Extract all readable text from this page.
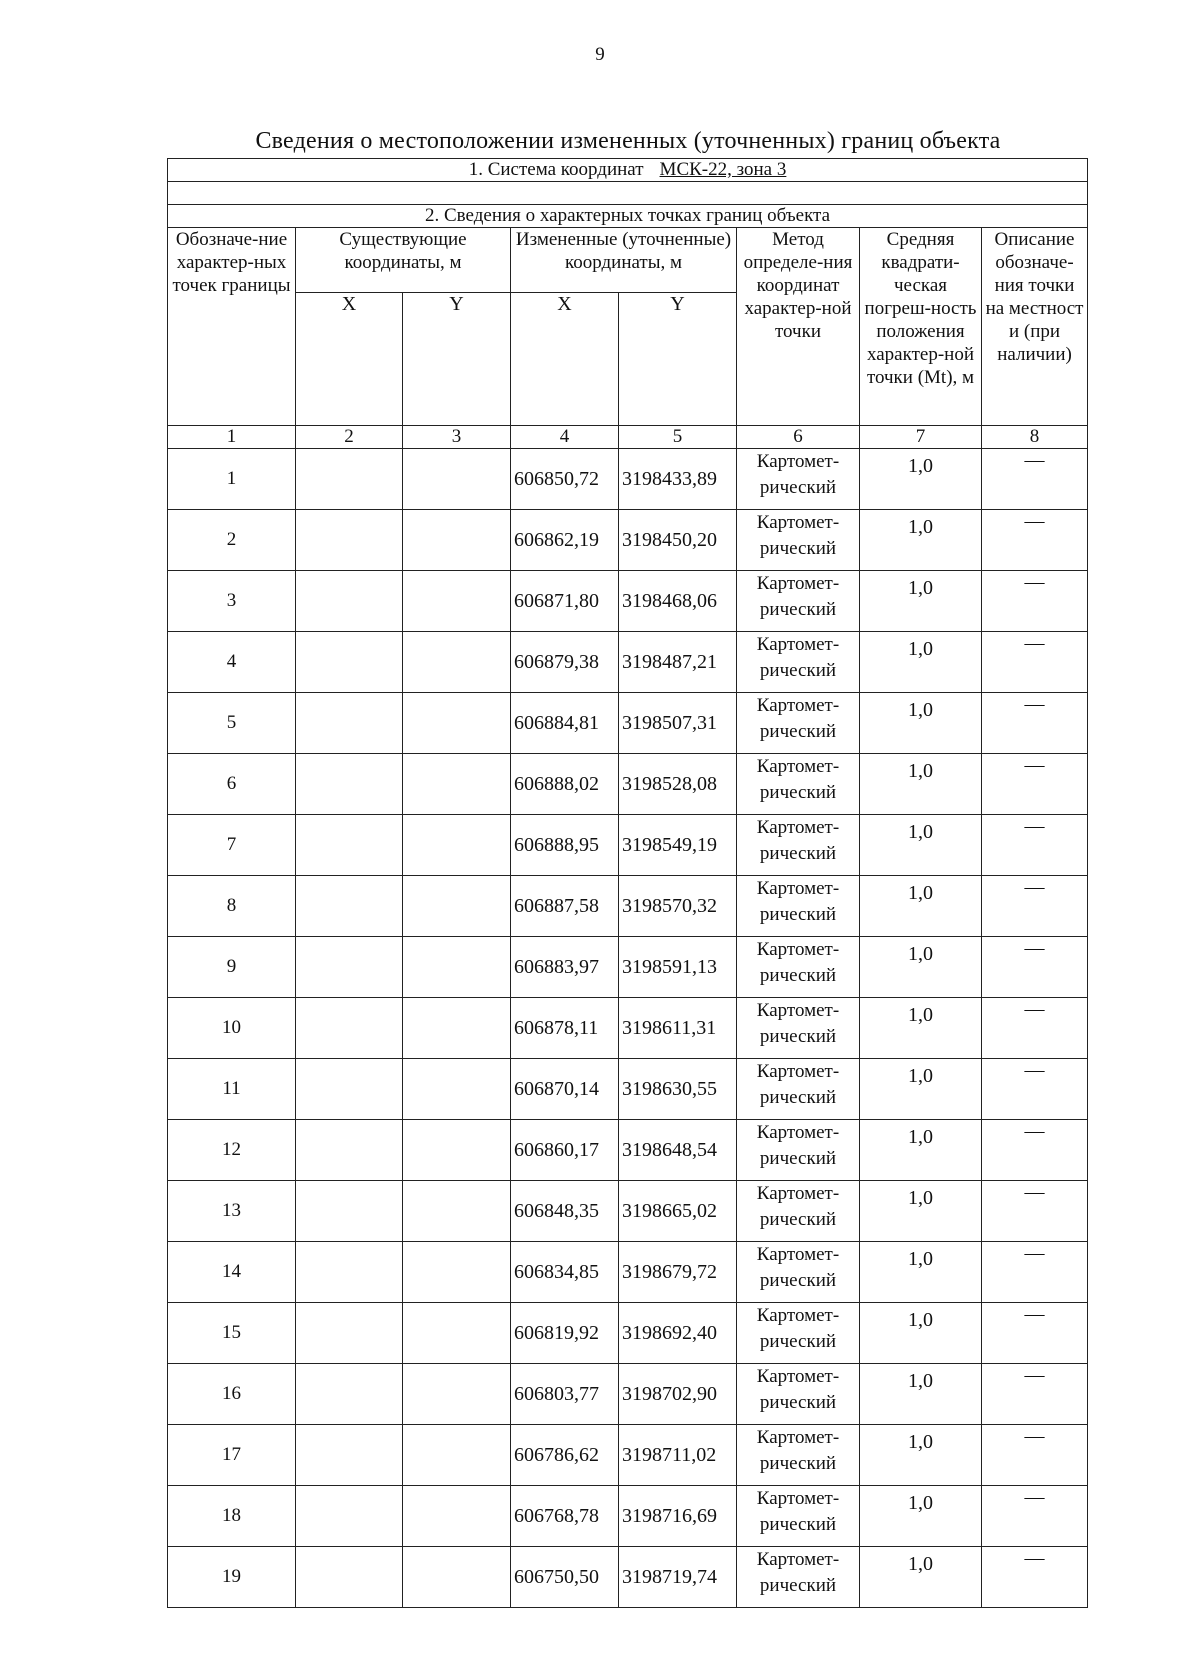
9
Сведения о местоположении измененных (уточненных) границ объекта
1. Система координат МСК-22, зона 3							

2. Сведения о характерных точках границ объекта							
Обозначе-ние характер-ных точек границы	Существующие координаты, м		Измененные (уточненные) координаты, м		Метод определе-ния координат характер-ной точки	Средняя квадрати-ческая погреш-ность положения характер-ной точки (Mt), м	Описание обозначе-ния точки на местност и (при наличии)
	X	Y	X	Y			
1	2	3	4	5	6	7	8
1			606850,72	3198433,89	Картомет-рический	1,0	—
2			606862,19	3198450,20	Картомет-рический	1,0	—
3			606871,80	3198468,06	Картомет-рический	1,0	—
4			606879,38	3198487,21	Картомет-рический	1,0	—
5			606884,81	3198507,31	Картомет-рический	1,0	—
6			606888,02	3198528,08	Картомет-рический	1,0	—
7			606888,95	3198549,19	Картомет-рический	1,0	—
8			606887,58	3198570,32	Картомет-рический	1,0	—
9			606883,97	3198591,13	Картомет-рический	1,0	—
10			606878,11	3198611,31	Картомет-рический	1,0	—
11			606870,14	3198630,55	Картомет-рический	1,0	—
12			606860,17	3198648,54	Картомет-рический	1,0	—
13			606848,35	3198665,02	Картомет-рический	1,0	—
14			606834,85	3198679,72	Картомет-рический	1,0	—
15			606819,92	3198692,40	Картомет-рический	1,0	—
16			606803,77	3198702,90	Картомет-рический	1,0	—
17			606786,62	3198711,02	Картомет-рический	1,0	—
18			606768,78	3198716,69	Картомет-рический	1,0	—
19			606750,50	3198719,74	Картомет-рический	1,0	—
